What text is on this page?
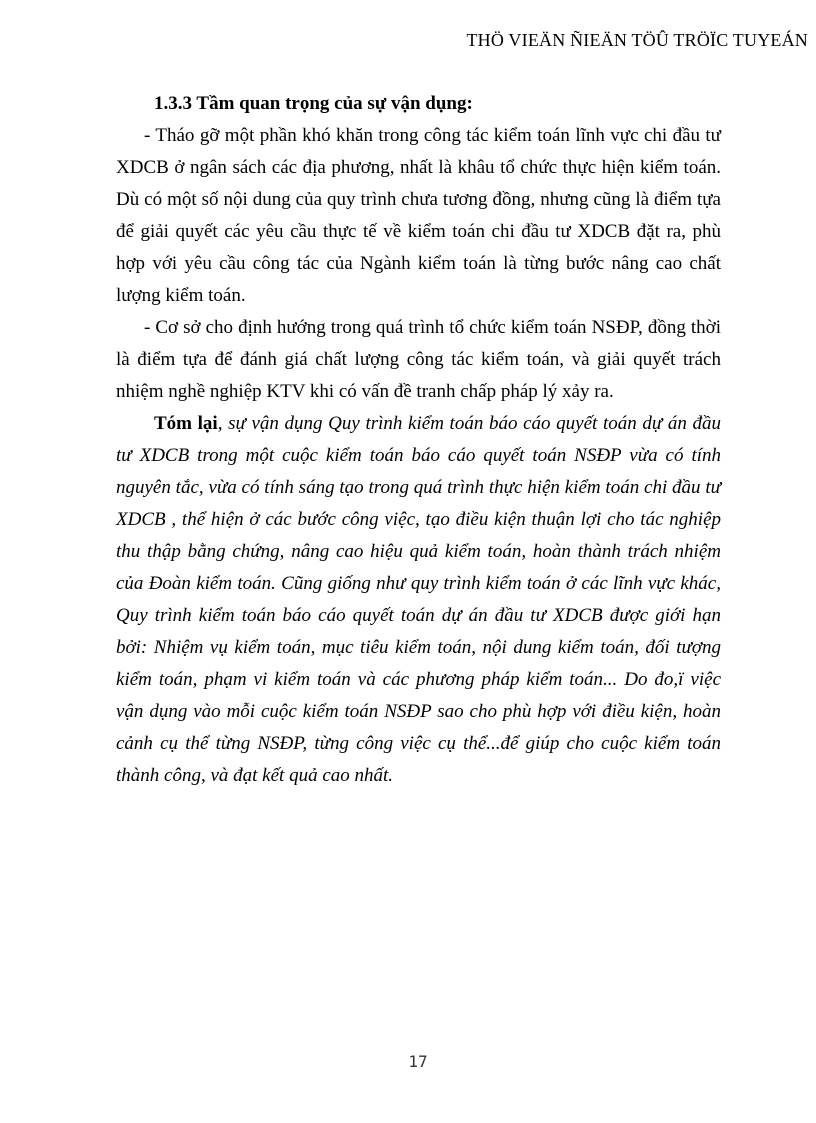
THÖ VIEÄN ÑIEÄN TÖÛ TRÖÏC TUYEÁN

1.3.3 Tầm quan trọng của sự vận dụng:

- Tháo gỡ một phần khó khăn trong công tác kiểm toán lĩnh vực chi đầu tư XDCB ở ngân sách các địa phương, nhất là khâu tổ chức thực hiện kiểm toán. Dù có một số nội dung của quy trình chưa tương đồng, nhưng cũng là điểm tựa để giải quyết các yêu cầu thực tế về kiểm toán chi đầu tư XDCB đặt ra, phù hợp với yêu cầu công tác của Ngành kiểm toán là từng bước nâng cao chất lượng kiểm toán.

- Cơ sở cho định hướng trong quá trình tổ chức kiểm toán NSĐP, đồng thời là điểm tựa để đánh giá chất lượng công tác kiểm toán, và giải quyết trách nhiệm nghề nghiệp KTV khi có vấn đề tranh chấp pháp lý xảy ra.

Tóm lại, sự vận dụng Quy trình kiểm toán báo cáo quyết toán dự án đầu tư XDCB trong một cuộc kiểm toán báo cáo quyết toán NSĐP vừa có tính nguyên tắc, vừa có tính sáng tạo trong quá trình thực hiện kiểm toán chi đầu tư XDCB , thể hiện ở các bước công việc, tạo điều kiện thuận lợi cho tác nghiệp thu thập bằng chứng, nâng cao hiệu quả kiểm toán, hoàn thành trách nhiệm của Đoàn kiểm toán. Cũng giống như quy trình kiểm toán ở các lĩnh vực khác, Quy trình kiểm toán báo cáo quyết toán dự án đầu tư XDCB được giới hạn bởi: Nhiệm vụ kiểm toán, mục tiêu kiểm toán, nội dung kiểm toán, đối tượng kiểm toán, phạm vi kiểm toán và các phương pháp kiểm toán... Do đo,ï việc vận dụng vào mỗi cuộc kiểm toán NSĐP sao cho phù hợp với điều kiện, hoàn cảnh cụ thể từng NSĐP, từng công việc cụ thể...để giúp cho cuộc kiểm toán thành công, và đạt kết quả cao nhất.

17
